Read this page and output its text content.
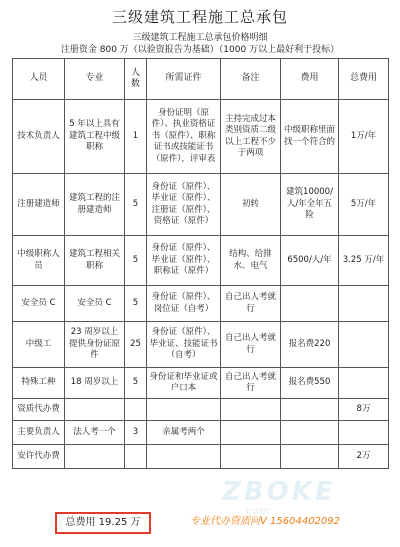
三级建筑工程施工总承包
三级建筑工程施工总承包价格明细
注册资金 800 万（以验资报告为基础）（1000 万以上最好利于投标）
人员	专业	人数	所需证件	备注	费用	总费用
技术负责人	5 年以上具有建筑工程中级职称	1	身份证明（原件）、执业资格证书（原件）、职称证书或技能证书（原件），评审表	主持完成过本类别资质二级以上工程不少于两项	中级职称里面找一个符合的	1万/年
注册建造师	建筑工程的注册建造师	5	身份证（原件）、毕业证（原件）、注册证（原件）、资格证（原件）	初转	建筑10000/人/年全年五险	5万/年
中级职称人员	建筑工程相关职称	5	身份证（原件）、毕业证（原件）、职称证（原件）	结构、给排水、电气	6500/人/年	3.25 万/年
安全员 C	安全员 C	5	身份证（原件）、岗位证（自考）	自己出人考就行		
中级工	23 周岁以上提供身份证原件	25	身份证（原件）、毕业证、技能证书（自考）	自己出人考就行	报名费220	
特殊工种	18 周岁以上	5	身份证和毕业证或户口本	自己出人考就行	报名费550	
资质代办费						8万
主要负责人	法人考一个	3	亲属考两个			
安许代办费						2万
ZBOKE
com
总费用 19.25 万	专业代办资质问V 15604402092
